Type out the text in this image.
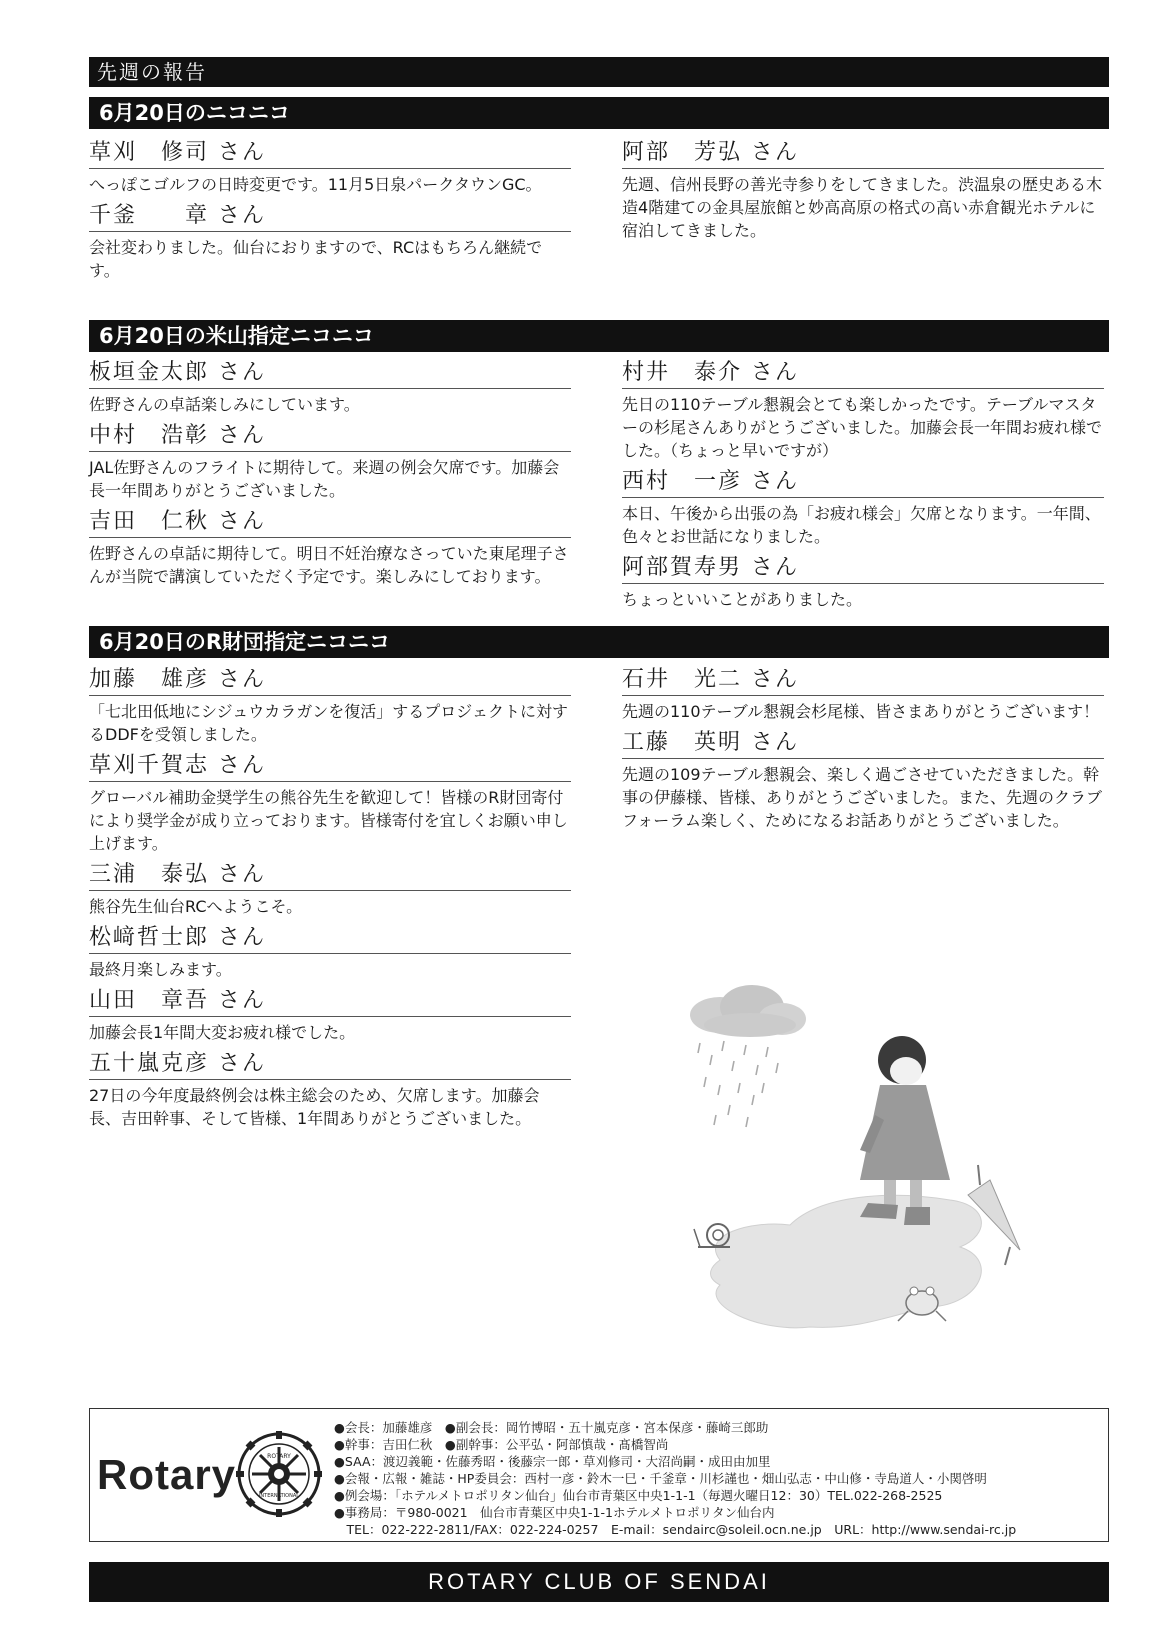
先週の報告
6月20日のニコニコ
草刈　修司 さん
へっぽこゴルフの日時変更です。11月5日泉パークタウンGC。
千釜　　章 さん
会社変わりました。仙台におりますので、RCはもちろん継続です。
阿部　芳弘 さん
先週、信州長野の善光寺参りをしてきました。渋温泉の歴史ある木造4階建ての金具屋旅館と妙高高原の格式の高い赤倉観光ホテルに宿泊してきました。
6月20日の米山指定ニコニコ
板垣金太郎 さん
佐野さんの卓話楽しみにしています。
中村　浩彰 さん
JAL佐野さんのフライトに期待して。来週の例会欠席です。加藤会長一年間ありがとうございました。
吉田　仁秋 さん
佐野さんの卓話に期待して。明日不妊治療なさっていた東尾理子さんが当院で講演していただく予定です。楽しみにしております。
村井　泰介 さん
先日の110テーブル懇親会とても楽しかったです。テーブルマスターの杉尾さんありがとうございました。加藤会長一年間お疲れ様でした。（ちょっと早いですが）
西村　一彦 さん
本日、午後から出張の為「お疲れ様会」欠席となります。一年間、色々とお世話になりました。
阿部賀寿男 さん
ちょっといいことがありました。
6月20日のR財団指定ニコニコ
加藤　雄彦 さん
「七北田低地にシジュウカラガンを復活」するプロジェクトに対するDDFを受領しました。
草刈千賀志 さん
グローバル補助金奨学生の熊谷先生を歓迎して！皆様のR財団寄付により奨学金が成り立っております。皆様寄付を宜しくお願い申し上げます。
三浦　泰弘 さん
熊谷先生仙台RCへようこそ。
松﨑哲士郎 さん
最終月楽しみます。
山田　章吾 さん
加藤会長1年間大変お疲れ様でした。
五十嵐克彦 さん
27日の今年度最終例会は株主総会のため、欠席します。加藤会長、吉田幹事、そして皆様、1年間ありがとうございました。
石井　光二 さん
先週の110テーブル懇親会杉尾様、皆さまありがとうございます！
工藤　英明 さん
先週の109テーブル懇親会、楽しく過ごさせていただきました。幹事の伊藤様、皆様、ありがとうございました。また、先週のクラブフォーラム楽しく、ためになるお話ありがとうございました。
Rotary	ROTARY
INTERNATIONAL
●会長：加藤雄彦　●副会長：岡竹博昭・五十嵐克彦・宮本保彦・藤崎三郎助
●幹事：吉田仁秋　●副幹事：公平弘・阿部慎哉・髙橋智尚
●SAA：渡辺義範・佐藤秀昭・後藤宗一郎・草刈修司・大沼尚嗣・成田由加里
●会報・広報・雑誌・HP委員会：西村一彦・鈴木一巳・千釜章・川杉謹也・畑山弘志・中山修・寺島道人・小関啓明
●例会場：「ホテルメトロポリタン仙台」仙台市青葉区中央1-1-1（毎週火曜日12：30）TEL.022-268-2525
●事務局：〒980-0021　仙台市青葉区中央1-1-1ホテルメトロポリタン仙台内
　TEL：022-222-2811/FAX：022-224-0257　E-mail：sendairc@soleil.ocn.ne.jp　URL：http://www.sendai-rc.jp
ROTARY CLUB OF SENDAI
